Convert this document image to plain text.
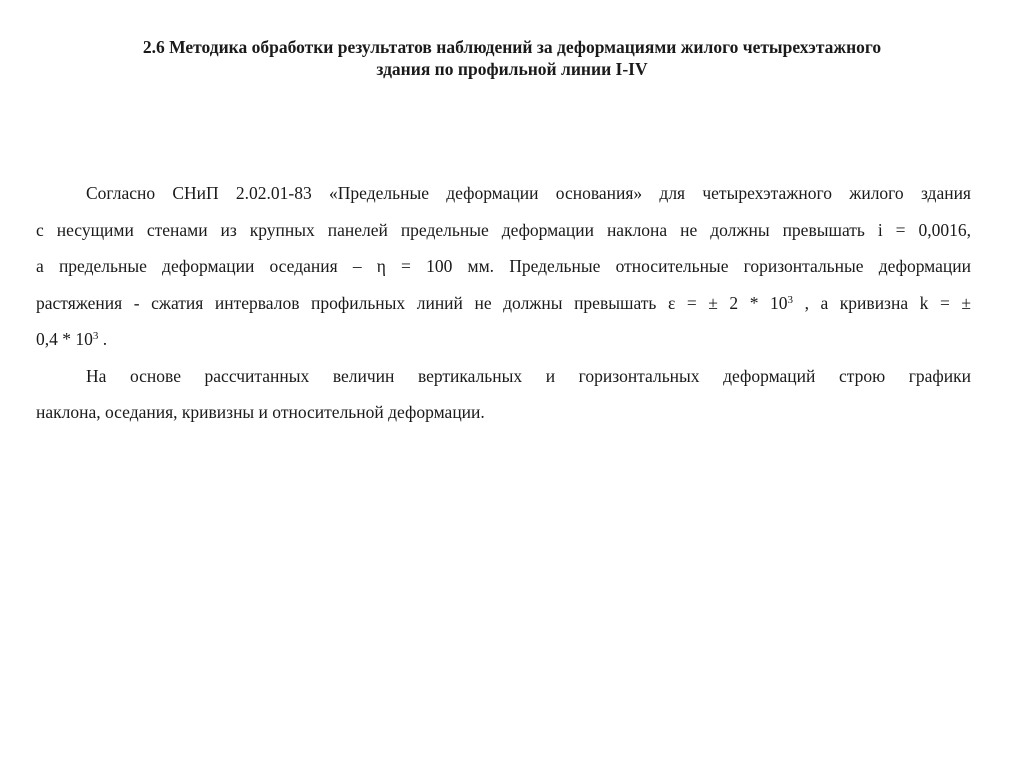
2.6 Методика обработки результатов наблюдений за деформациями жилого четырехэтажного
здания по профильной линии I-IV
Согласно СНиП 2.02.01-83 «Предельные деформации основания» для четырехэтажного жилого здания
с несущими стенами из крупных панелей предельные деформации наклона не должны превышать i = 0,0016,
а предельные деформации оседания – η = 100 мм. Предельные относительные горизонтальные деформации
растяжения - сжатия интервалов профильных линий не должны превышать ε = ± $2 * 10^3$ , а кривизна k = ±
$0,4 * 10^3$ .
На основе рассчитанных величин вертикальных и горизонтальных деформаций строю графики
наклона, оседания, кривизны и относительной деформации.
